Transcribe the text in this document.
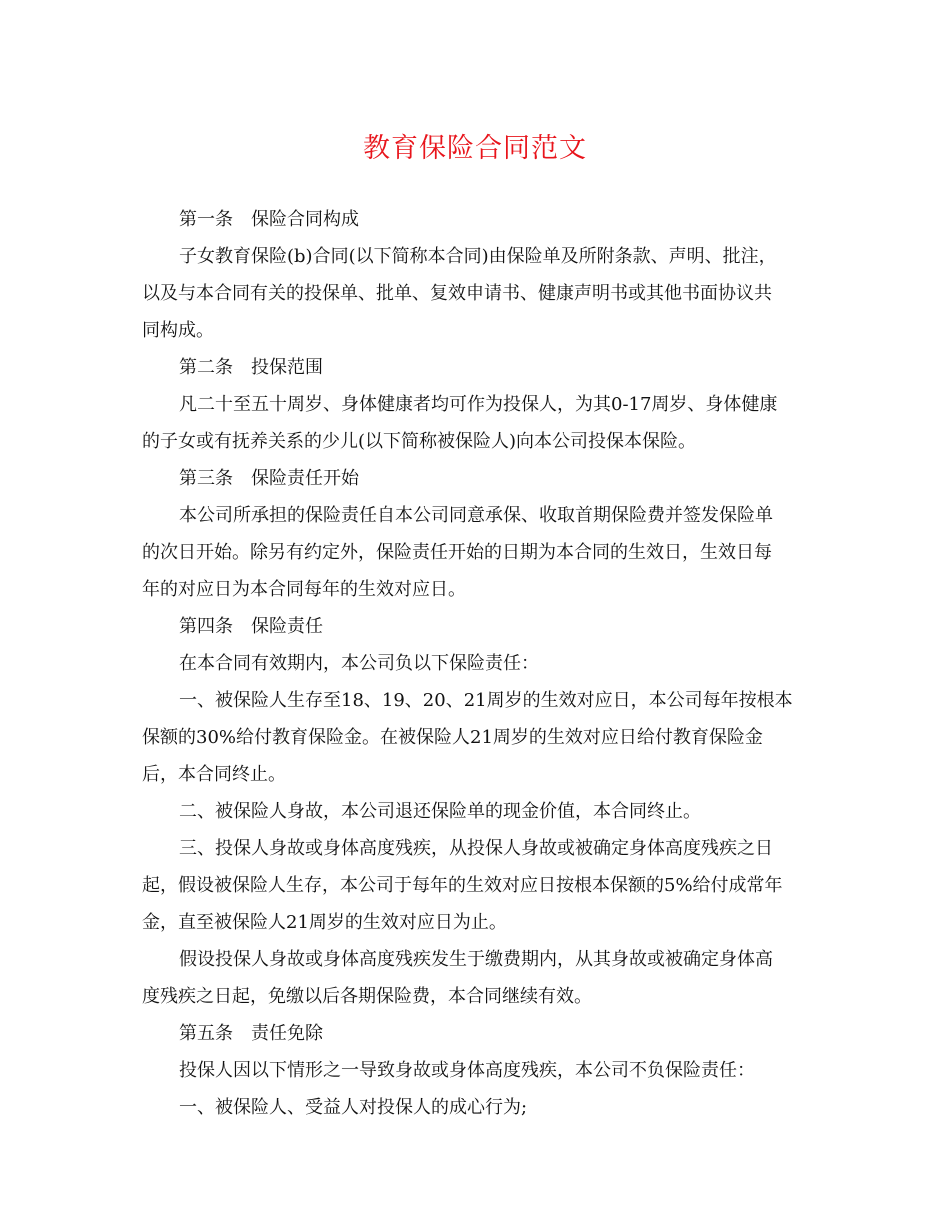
教育保险合同范文
第一条　保险合同构成
子女教育保险(b)合同(以下简称本合同)由保险单及所附条款、声明、批注，
以及与本合同有关的投保单、批单、复效申请书、健康声明书或其他书面协议共
同构成。
第二条　投保范围
凡二十至五十周岁、身体健康者均可作为投保人，为其0-17周岁、身体健康
的子女或有抚养关系的少儿(以下简称被保险人)向本公司投保本保险。
第三条　保险责任开始
本公司所承担的保险责任自本公司同意承保、收取首期保险费并签发保险单
的次日开始。除另有约定外，保险责任开始的日期为本合同的生效日，生效日每
年的对应日为本合同每年的生效对应日。
第四条　保险责任
在本合同有效期内，本公司负以下保险责任：
一、被保险人生存至18、19、20、21周岁的生效对应日，本公司每年按根本
保额的30%给付教育保险金。在被保险人21周岁的生效对应日给付教育保险金
后，本合同终止。
二、被保险人身故，本公司退还保险单的现金价值，本合同终止。
三、投保人身故或身体高度残疾，从投保人身故或被确定身体高度残疾之日
起，假设被保险人生存，本公司于每年的生效对应日按根本保额的5%给付成常年
金，直至被保险人21周岁的生效对应日为止。
假设投保人身故或身体高度残疾发生于缴费期内，从其身故或被确定身体高
度残疾之日起，免缴以后各期保险费，本合同继续有效。
第五条　责任免除
投保人因以下情形之一导致身故或身体高度残疾，本公司不负保险责任：
一、被保险人、受益人对投保人的成心行为;
